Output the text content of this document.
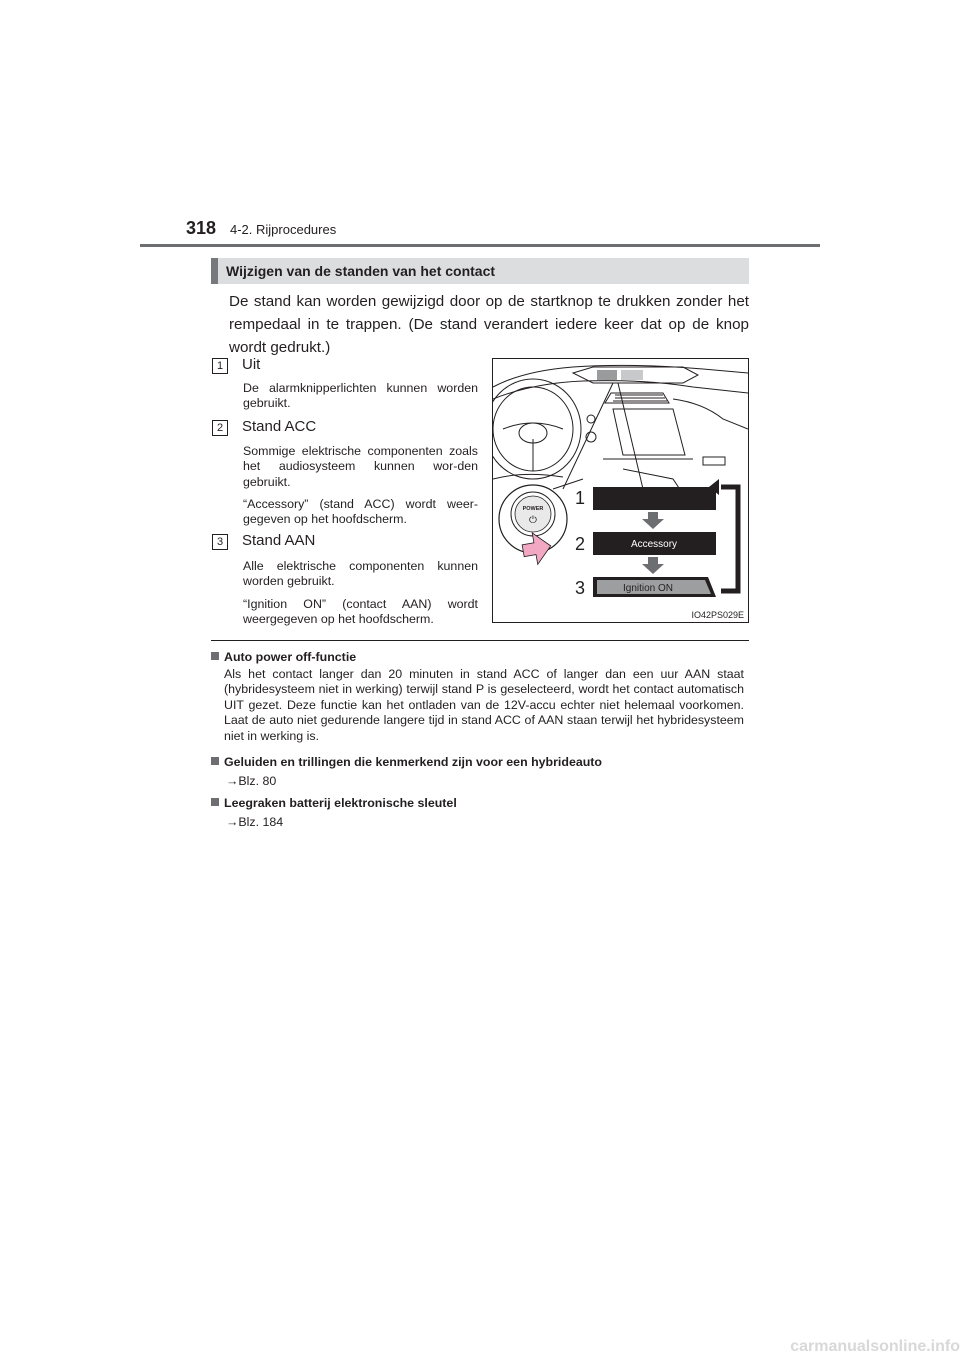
318 4-2. Rijprocedures
Wijzigen van de standen van het contact
De stand kan worden gewijzigd door op de startknop te drukken zonder het rempedaal in te trappen. (De stand verandert iedere keer dat op de knop wordt gedrukt.)
1	Uit
De alarmknipperlichten kunnen worden gebruikt.
2	Stand ACC
Sommige elektrische componenten zoals het audiosysteem kunnen wor-den gebruikt.
“Accessory” (stand ACC) wordt weer-gegeven op het hoofdscherm.
3	Stand AAN
Alle elektrische componenten kunnen worden gebruikt.
“Ignition ON” (contact AAN) wordt weergegeven op het hoofdscherm.
POWER
⏻
Accessory
Ignition ON
1
2
3
IO42PS029E
Auto power off-functie
Als het contact langer dan 20 minuten in stand ACC of langer dan een uur AAN staat (hybridesysteem niet in werking) terwijl stand P is geselecteerd, wordt het contact automatisch UIT gezet. Deze functie kan het ontladen van de 12V-accu echter niet helemaal voorkomen. Laat de auto niet gedurende langere tijd in stand ACC of AAN staan terwijl het hybridesysteem niet in werking is.
Geluiden en trillingen die kenmerkend zijn voor een hybrideauto
→Blz. 80
Leegraken batterij elektronische sleutel
→Blz. 184
carmanualsonline.info
